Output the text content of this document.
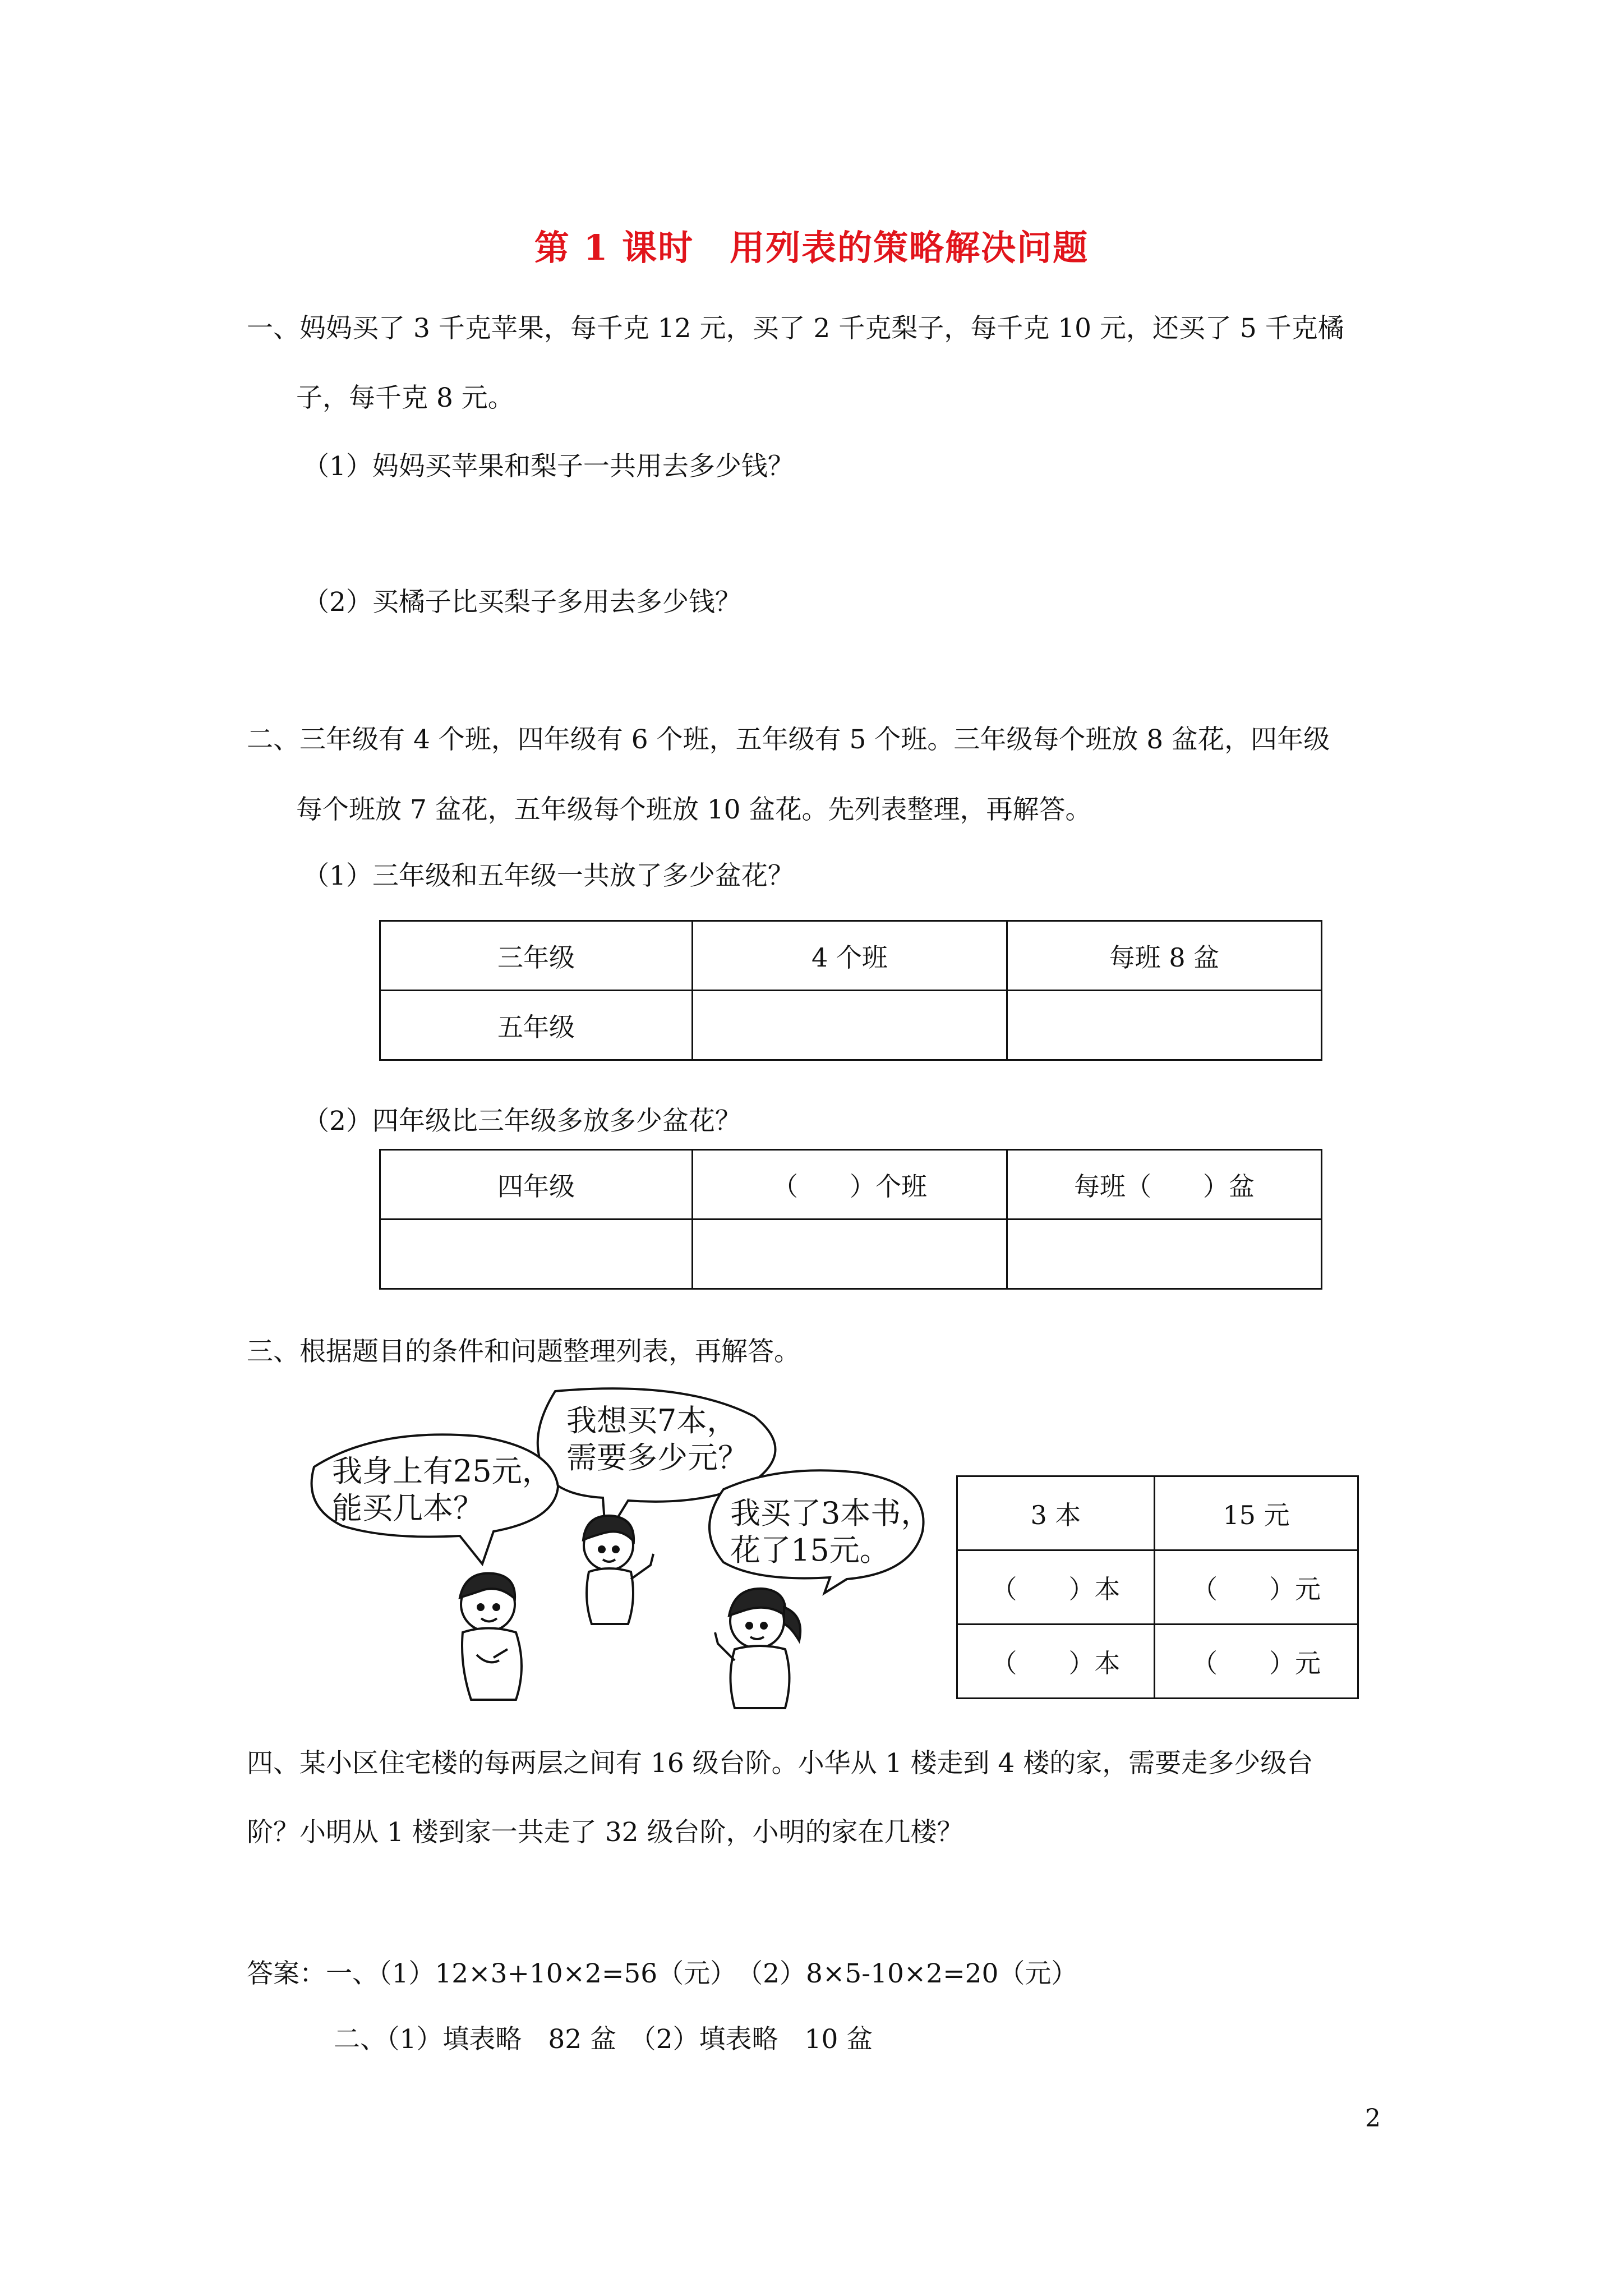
第 1 课时　用列表的策略解决问题
一、妈妈买了 3 千克苹果，每千克 12 元，买了 2 千克梨子，每千克 10 元，还买了 5 千克橘
子，每千克 8 元。
（1）妈妈买苹果和梨子一共用去多少钱？
（2）买橘子比买梨子多用去多少钱？
二、三年级有 4 个班，四年级有 6 个班，五年级有 5 个班。三年级每个班放 8 盆花，四年级
每个班放 7 盆花，五年级每个班放 10 盆花。先列表整理，再解答。
（1）三年级和五年级一共放了多少盆花？
三年级	4 个班	每班 8 盆
五年级		
（2）四年级比三年级多放多少盆花？
四年级	（　　）个班	每班（　　）盆

三、根据题目的条件和问题整理列表，再解答。
我想买7本，
需要多少元？
我身上有25元，
能买几本？	我买了3本书，
花了15元。
3 本	15 元
（　　）本	（　　）元
（　　）本	（　　）元
四、某小区住宅楼的每两层之间有 16 级台阶。小华从 1 楼走到 4 楼的家，需要走多少级台
阶？小明从 1 楼到家一共走了 32 级台阶，小明的家在几楼？
答案：一、（1）12×3+10×2=56（元）　（2）8×5-10×2=20（元）
二、（1）填表略　82 盆　（2）填表略　10 盆
2
